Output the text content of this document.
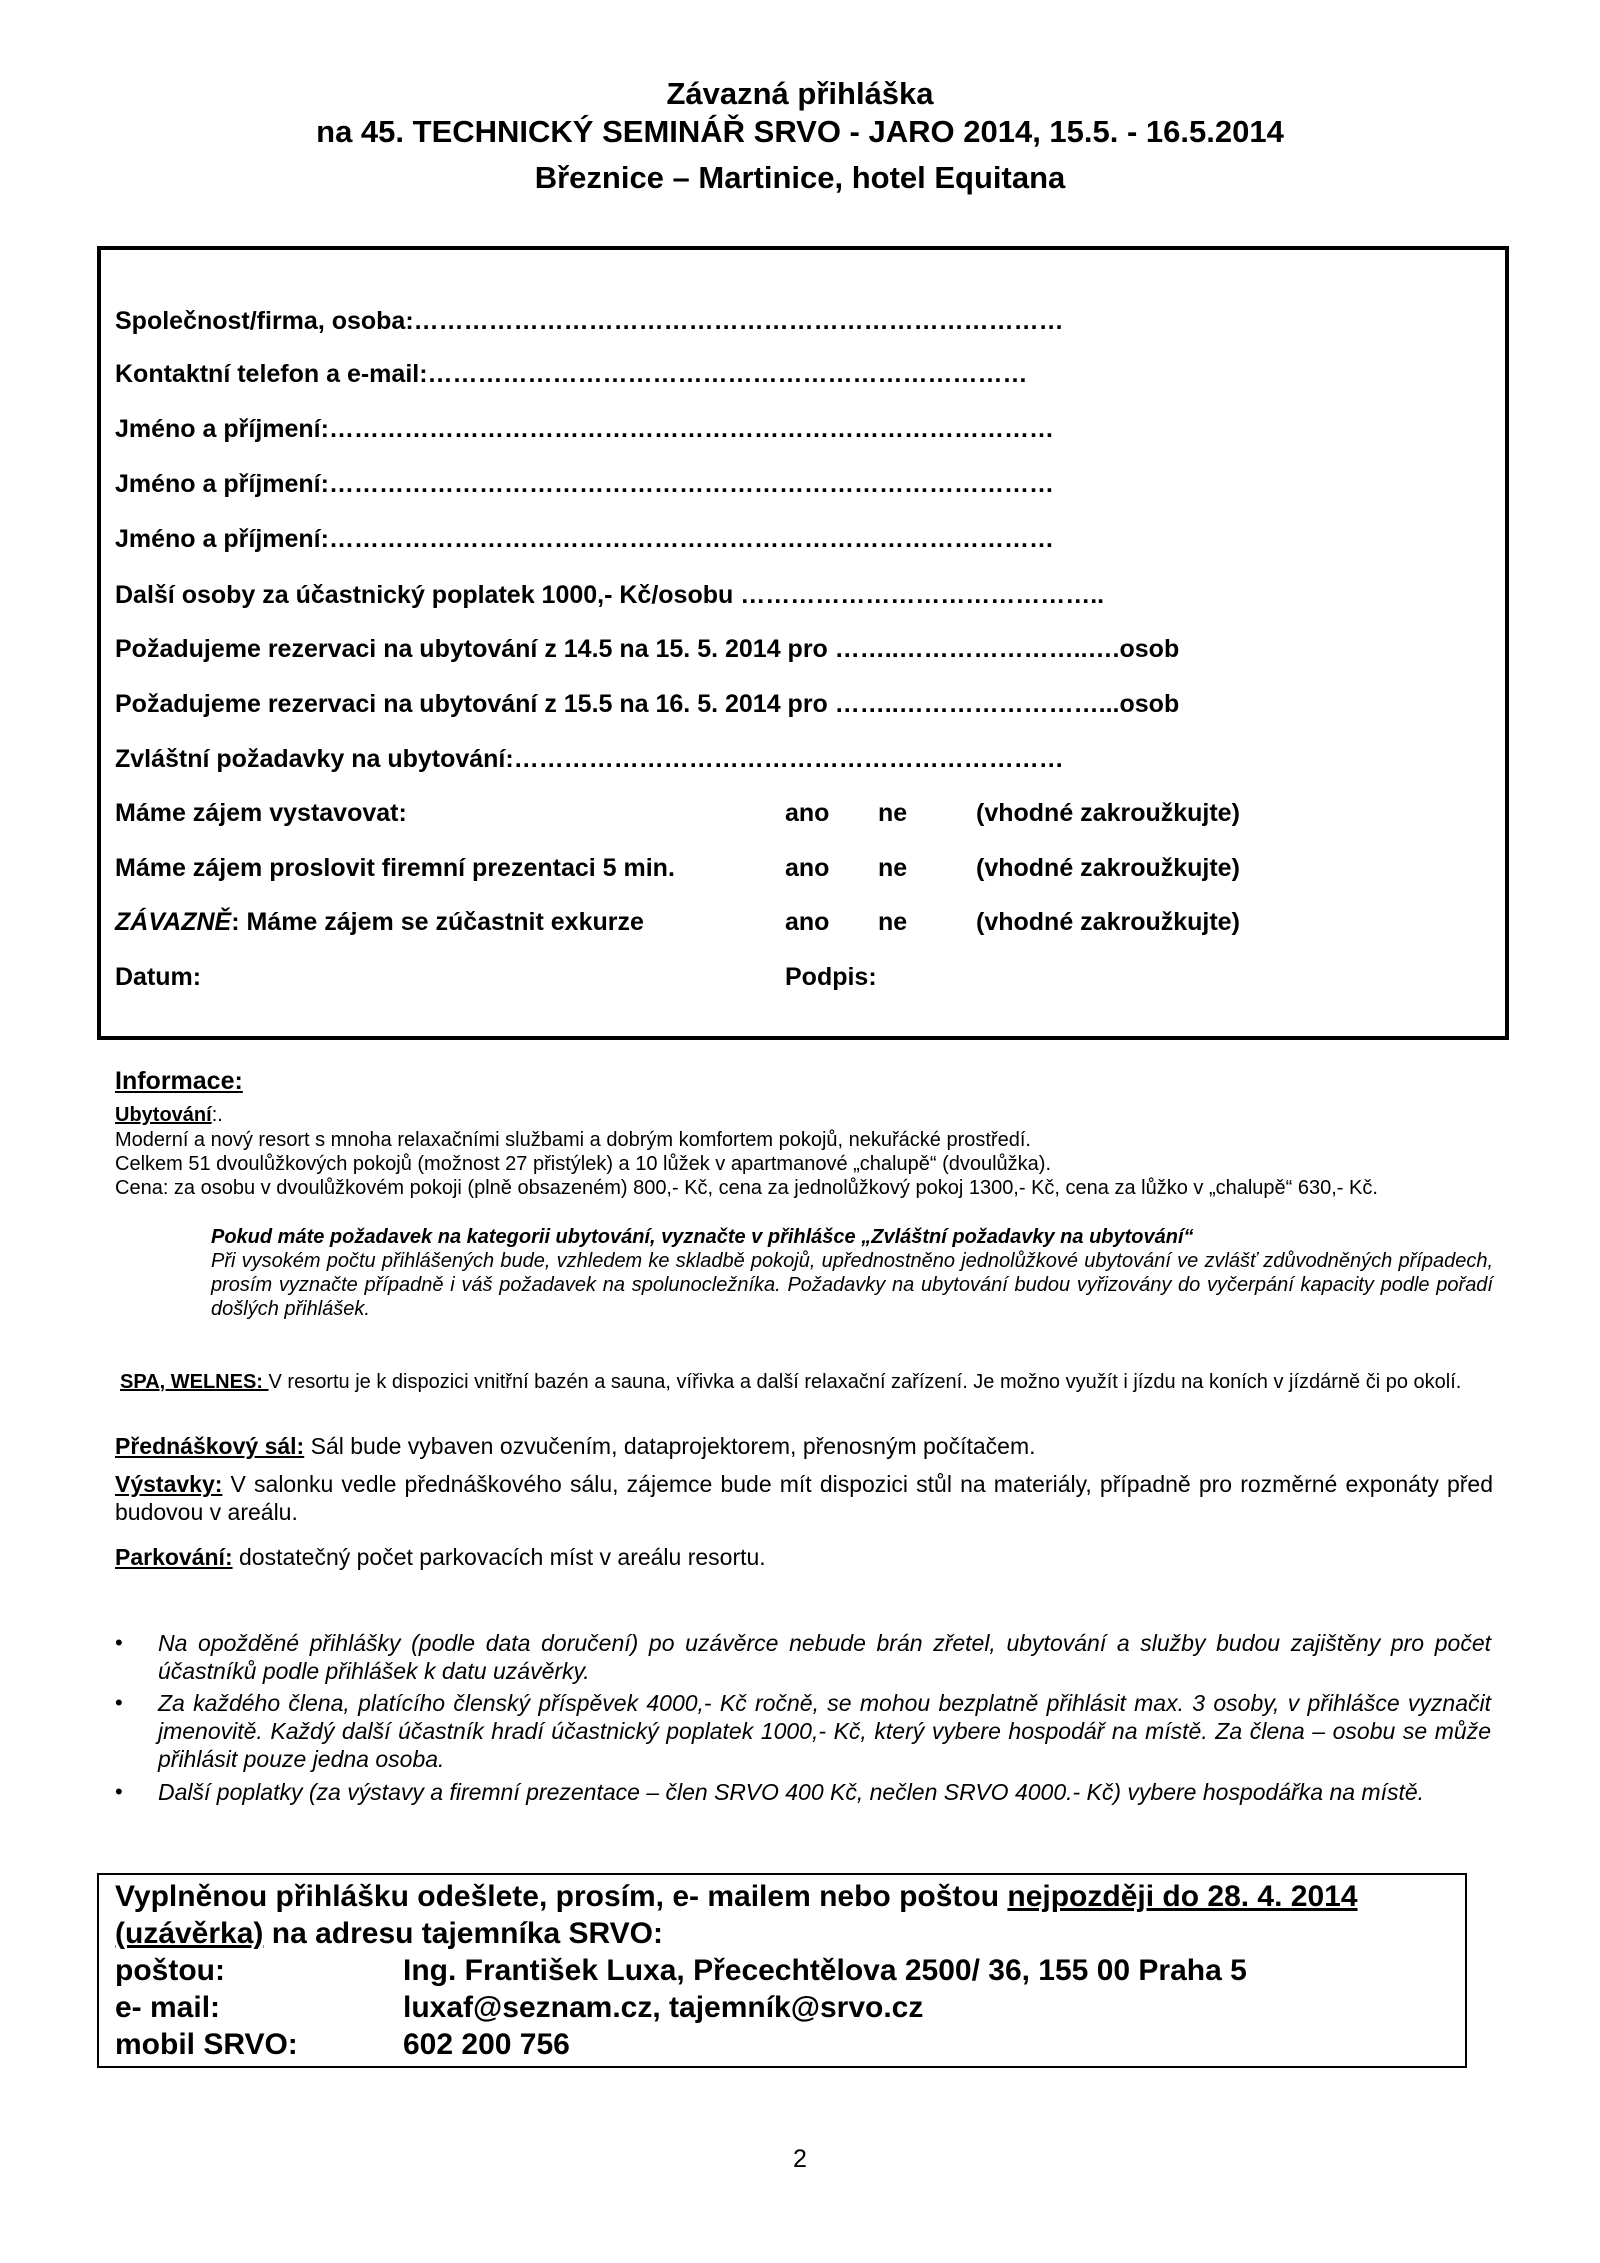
Závazná přihláška
na 45. TECHNICKÝ SEMINÁŘ SRVO - JARO 2014, 15.5. - 16.5.2014
Březnice – Martinice, hotel Equitana
Společnost/firma, osoba:……………………………………………………………………
Kontaktní telefon a e-mail:………………………………………………………………
Jméno a příjmení:……………………………………………………………………………
Jméno a příjmení:……………………………………………………………………………
Jméno a příjmení:……………………………………………………………………………
Další osoby za účastnický poplatek 1000,- Kč/osobu ……………………………………..
Požadujeme rezervaci na ubytování z 14.5 na 15. 5. 2014 pro ……..…………………..….osob
Požadujeme rezervaci na ubytování z 15.5 na 16. 5. 2014 pro ……..……………………...osob
Zvláštní požadavky na ubytování:…………………………………………………………
Máme zájem vystavovat:	ano ne	(vhodné zakroužkujte)
Máme zájem proslovit firemní prezentaci 5 min.	ano ne	(vhodné zakroužkujte)
ZÁVAZNĚ: Máme zájem se zúčastnit exkurze	ano ne	(vhodné zakroužkujte)
Datum:	Podpis:
Informace:
Ubytování:.
Moderní a nový resort s mnoha relaxačními službami a dobrým komfortem pokojů, nekuřácké prostředí.
Celkem 51 dvoulůžkových pokojů (možnost 27 přistýlek) a 10 lůžek v apartmanové „chalupě“ (dvoulůžka).
Cena: za osobu v dvoulůžkovém pokoji (plně obsazeném) 800,- Kč, cena za jednolůžkový pokoj 1300,- Kč, cena za lůžko v „chalupě“ 630,- Kč.
Pokud máte požadavek na kategorii ubytování, vyznačte v přihlášce „Zvláštní požadavky na ubytování“
Při vysokém počtu přihlášených bude, vzhledem ke skladbě pokojů, upřednostněno jednolůžkové ubytování ve zvlášť zdůvodněných případech, prosím vyznačte případně i váš požadavek na spolunocležníka. Požadavky na ubytování budou vyřizovány do vyčerpání kapacity podle pořadí došlých přihlášek.
SPA, WELNES: V resortu je k dispozici vnitřní bazén a sauna, vířivka a další relaxační zařízení. Je možno využít i jízdu na koních v jízdárně či po okolí.
Přednáškový sál: Sál bude vybaven ozvučením, dataprojektorem, přenosným počítačem.
Výstavky: V salonku vedle přednáškového sálu, zájemce bude mít dispozici stůl na materiály, případně pro rozměrné exponáty před budovou v areálu.
Parkování: dostatečný počet parkovacích míst v areálu resortu.
• Na opožděné přihlášky (podle data doručení) po uzávěrce nebude brán zřetel, ubytování a služby budou zajištěny pro počet účastníků podle přihlášek k datu uzávěrky.
• Za každého člena, platícího členský příspěvek 4000,- Kč ročně, se mohou bezplatně přihlásit max. 3 osoby, v přihlášce vyznačit jmenovitě. Každý další účastník hradí účastnický poplatek 1000,- Kč, který vybere hospodář na místě. Za člena – osobu se může přihlásit pouze jedna osoba.
• Další poplatky (za výstavy a firemní prezentace – člen SRVO 400 Kč, nečlen SRVO 4000.- Kč) vybere hospodářka na místě.
Vyplněnou přihlášku odešlete, prosím, e- mailem nebo poštou nejpozději do 28. 4. 2014
(uzávěrka) na adresu tajemníka SRVO:
poštou:	Ing. František Luxa, Přecechtělova 2500/ 36, 155 00 Praha 5
e- mail:	luxaf@seznam.cz, tajemník@srvo.cz
mobil SRVO:	602 200 756
2
